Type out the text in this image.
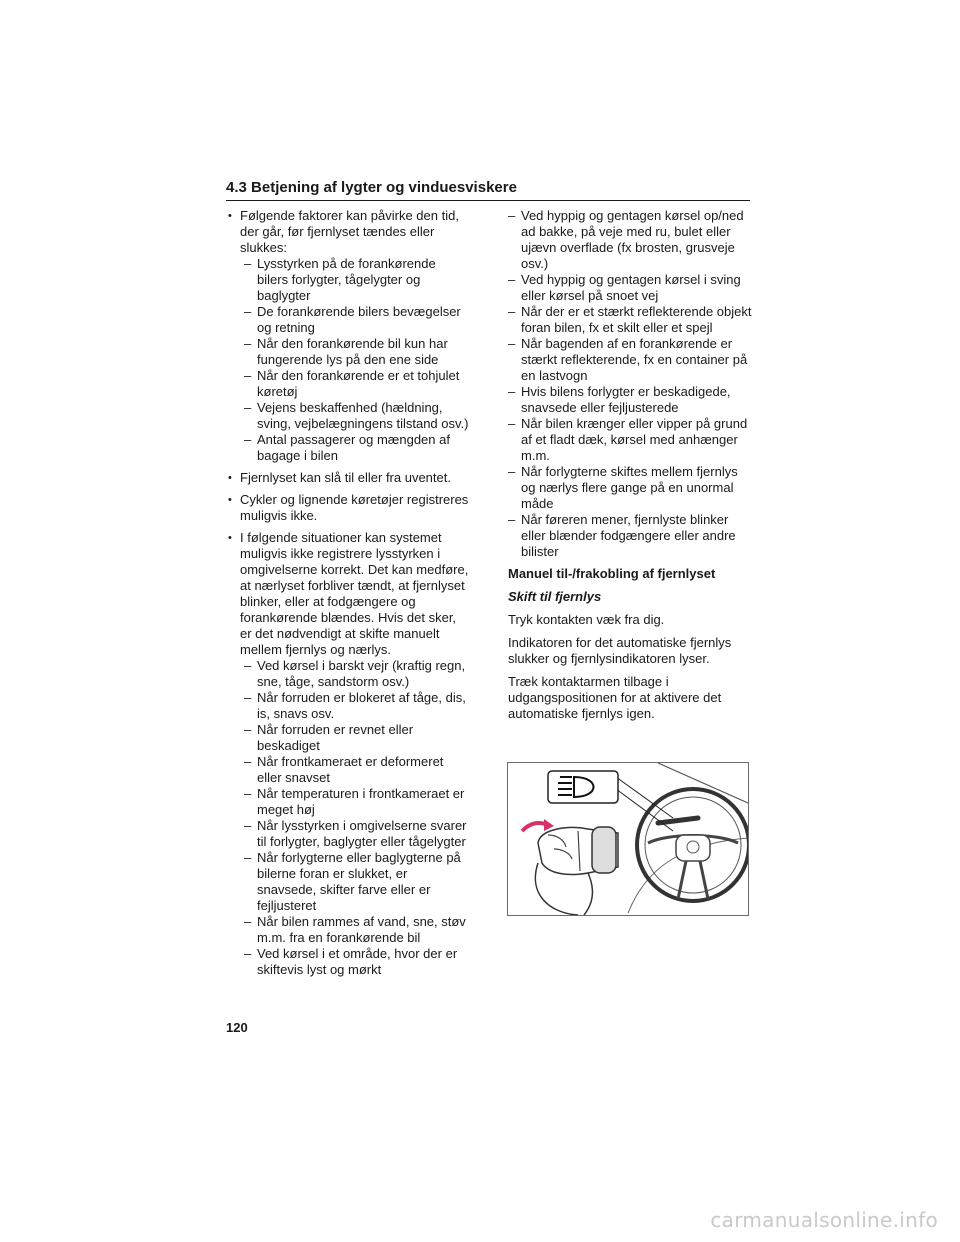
4.3 Betjening af lygter og vinduesviskere
• Følgende faktorer kan påvirke den tid, der går, før fjernlyset tændes eller slukkes:
– Lysstyrken på de forankørende bilers forlygter, tågelygter og baglygter
– De forankørende bilers bevægelser og retning
– Når den forankørende bil kun har fungerende lys på den ene side
– Når den forankørende er et tohjulet køretøj
– Vejens beskaffenhed (hældning, sving, vejbelægningens tilstand osv.)
– Antal passagerer og mængden af bagage i bilen
• Fjernlyset kan slå til eller fra uventet.
• Cykler og lignende køretøjer registreres muligvis ikke.
• I følgende situationer kan systemet muligvis ikke registrere lysstyrken i omgivelserne korrekt. Det kan medføre, at nærlyset forbliver tændt, at fjernlyset blinker, eller at fodgængere og forankørende blændes. Hvis det sker, er det nødvendigt at skifte manuelt mellem fjernlys og nærlys.
– Ved kørsel i barskt vejr (kraftig regn, sne, tåge, sandstorm osv.)
– Når forruden er blokeret af tåge, dis, is, snavs osv.
– Når forruden er revnet eller beskadiget
– Når frontkameraet er deformeret eller snavset
– Når temperaturen i frontkameraet er meget høj
– Når lysstyrken i omgivelserne svarer til forlygter, baglygter eller tågelygter
– Når forlygterne eller baglygterne på bilerne foran er slukket, er snavsede, skifter farve eller er fejljusteret
– Når bilen rammes af vand, sne, støv m.m. fra en forankørende bil
– Ved kørsel i et område, hvor der er skiftevis lyst og mørkt
– Ved hyppig og gentagen kørsel op/ned ad bakke, på veje med ru, bulet eller ujævn overflade (fx brosten, grusveje osv.)
– Ved hyppig og gentagen kørsel i sving eller kørsel på snoet vej
– Når der er et stærkt reflekterende objekt foran bilen, fx et skilt eller et spejl
– Når bagenden af en forankørende er stærkt reflekterende, fx en container på en lastvogn
– Hvis bilens forlygter er beskadigede, snavsede eller fejljusterede
– Når bilen krænger eller vipper på grund af et fladt dæk, kørsel med anhænger m.m.
– Når forlygterne skiftes mellem fjernlys og nærlys flere gange på en unormal måde
– Når føreren mener, fjernlyste blinker eller blænder fodgængere eller andre bilister
Manuel til-/frakobling af fjernlyset
Skift til fjernlys
Tryk kontakten væk fra dig.
Indikatoren for det automatiske fjernlys slukker og fjernlysindikatoren lyser.
Træk kontaktarmen tilbage i udgangspositionen for at aktivere det automatiske fjernlys igen.
120
carmanualsonline.info
